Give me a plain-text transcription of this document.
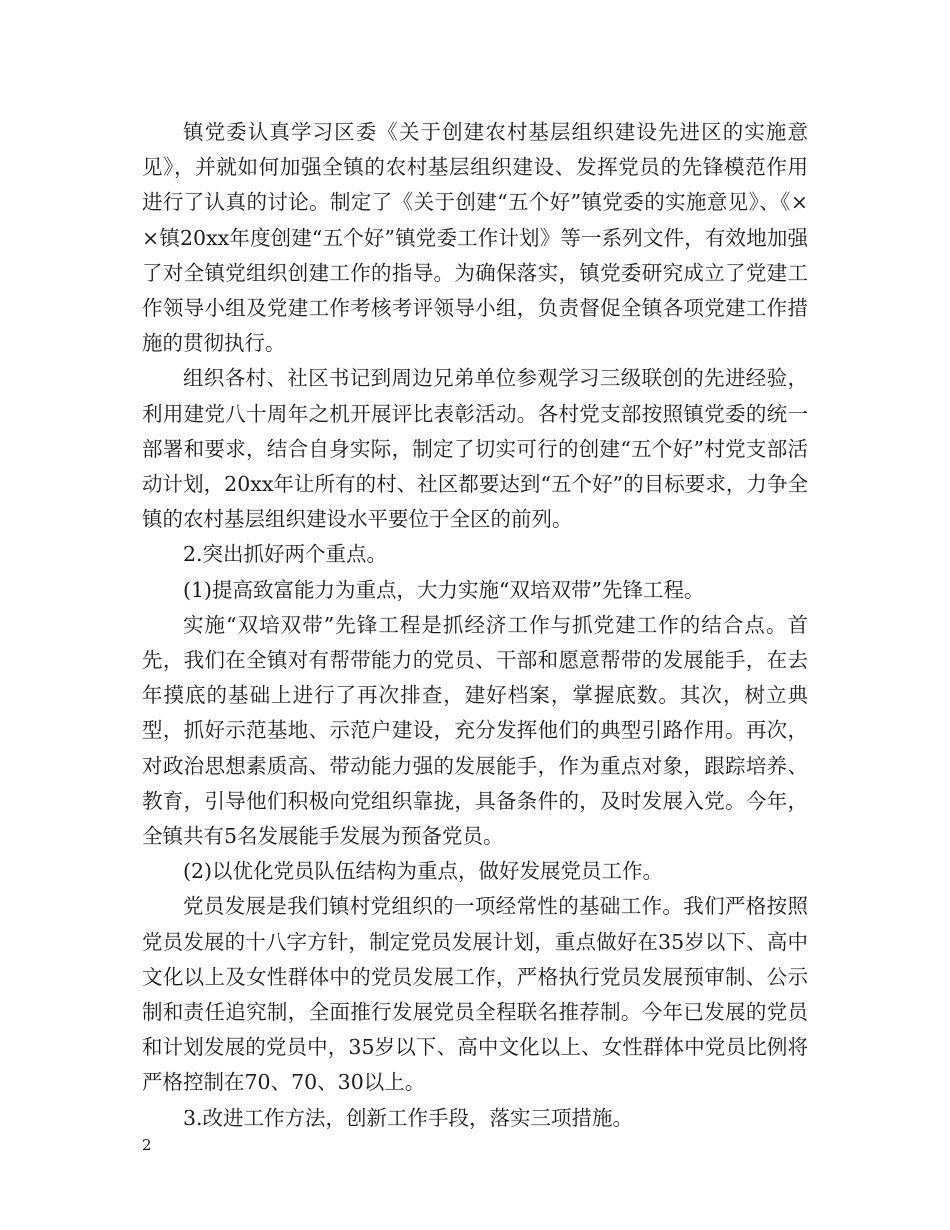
镇党委认真学习区委《关于创建农村基层组织建设先进区的实施意见》，并就如何加强全镇的农村基层组织建设、发挥党员的先锋模范作用进行了认真的讨论。制定了《关于创建“五个好”镇党委的实施意见》、《××镇20xx年度创建“五个好”镇党委工作计划》等一系列文件，有效地加强了对全镇党组织创建工作的指导。为确保落实，镇党委研究成立了党建工作领导小组及党建工作考核考评领导小组，负责督促全镇各项党建工作措施的贯彻执行。

组织各村、社区书记到周边兄弟单位参观学习三级联创的先进经验，利用建党八十周年之机开展评比表彰活动。各村党支部按照镇党委的统一部署和要求，结合自身实际，制定了切实可行的创建“五个好”村党支部活动计划，20xx年让所有的村、社区都要达到“五个好”的目标要求，力争全镇的农村基层组织建设水平要位于全区的前列。

2.突出抓好两个重点。

(1)提高致富能力为重点，大力实施“双培双带”先锋工程。

实施“双培双带”先锋工程是抓经济工作与抓党建工作的结合点。首先，我们在全镇对有帮带能力的党员、干部和愿意帮带的发展能手，在去年摸底的基础上进行了再次排查，建好档案，掌握底数。其次，树立典型，抓好示范基地、示范户建设，充分发挥他们的典型引路作用。再次，对政治思想素质高、带动能力强的发展能手，作为重点对象，跟踪培养、教育，引导他们积极向党组织靠拢，具备条件的，及时发展入党。今年，全镇共有5名发展能手发展为预备党员。

(2)以优化党员队伍结构为重点，做好发展党员工作。

党员发展是我们镇村党组织的一项经常性的基础工作。我们严格按照党员发展的十八字方针，制定党员发展计划，重点做好在35岁以下、高中文化以上及女性群体中的党员发展工作，严格执行党员发展预审制、公示制和责任追究制，全面推行发展党员全程联名推荐制。今年已发展的党员和计划发展的党员中，35岁以下、高中文化以上、女性群体中党员比例将严格控制在70、70、30以上。

3.改进工作方法，创新工作手段，落实三项措施。

2
